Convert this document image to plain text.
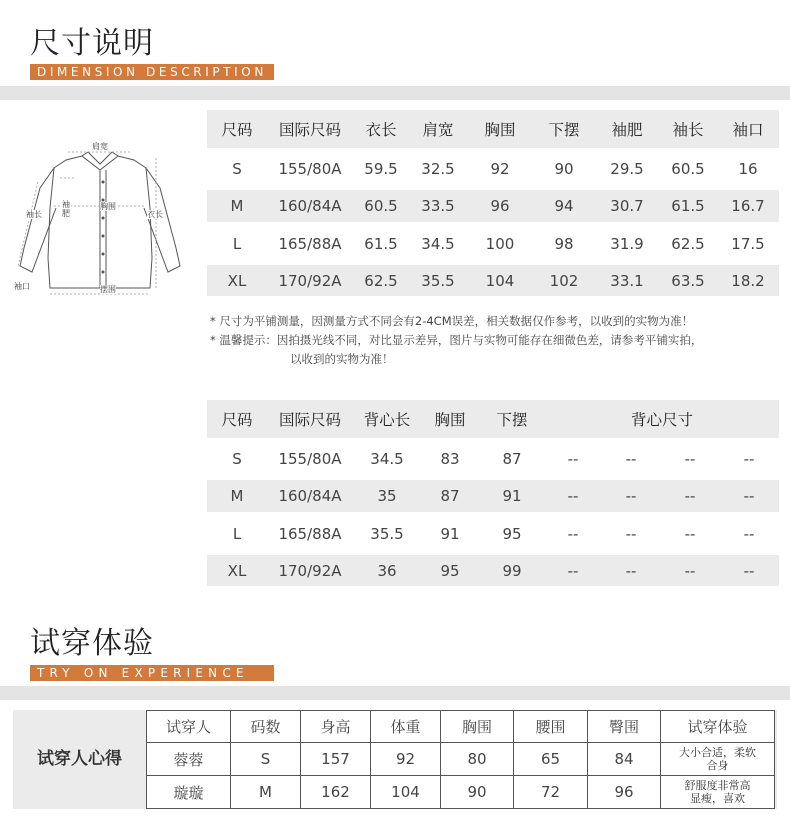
尺寸说明
DIMENSION DESCRIPTION
肩宽
袖肥
袖长
胸围
衣长
袖口	摆围
尺码	国际尺码	衣长	肩宽	胸围	下摆	袖肥	袖长	袖口
S	155/80A	59.5	32.5	92	90	29.5	60.5	16
M	160/84A	60.5	33.5	96	94	30.7	61.5	16.7
L	165/88A	61.5	34.5	100	98	31.9	62.5	17.5
XL	170/92A	62.5	35.5	104	102	33.1	63.5	18.2
* 尺寸为平铺测量，因测量方式不同会有2-4CM误差，相关数据仅作参考，以收到的实物为准！
* 温馨提示：因拍摄光线不同，对比显示差异，图片与实物可能存在细微色差，请参考平铺实拍，
以收到的实物为准！
尺码	国际尺码	背心长	胸围	下摆	背心尺寸			
S	155/80A	34.5	83	87	--	--	--	--
M	160/84A	35	87	91	--	--	--	--
L	165/88A	35.5	91	95	--	--	--	--
XL	170/92A	36	95	99	--	--	--	--
试穿体验
TRY ON EXPERIENCE
试穿人心得
试穿人	码数	身高	体重	胸围	腰围	臀围	试穿体验
蓉蓉	S	157	92	80	65	84	大小合适，柔软
合身

璇璇	M	162	104	90	72	96	舒服度非常高
显瘦，喜欢
